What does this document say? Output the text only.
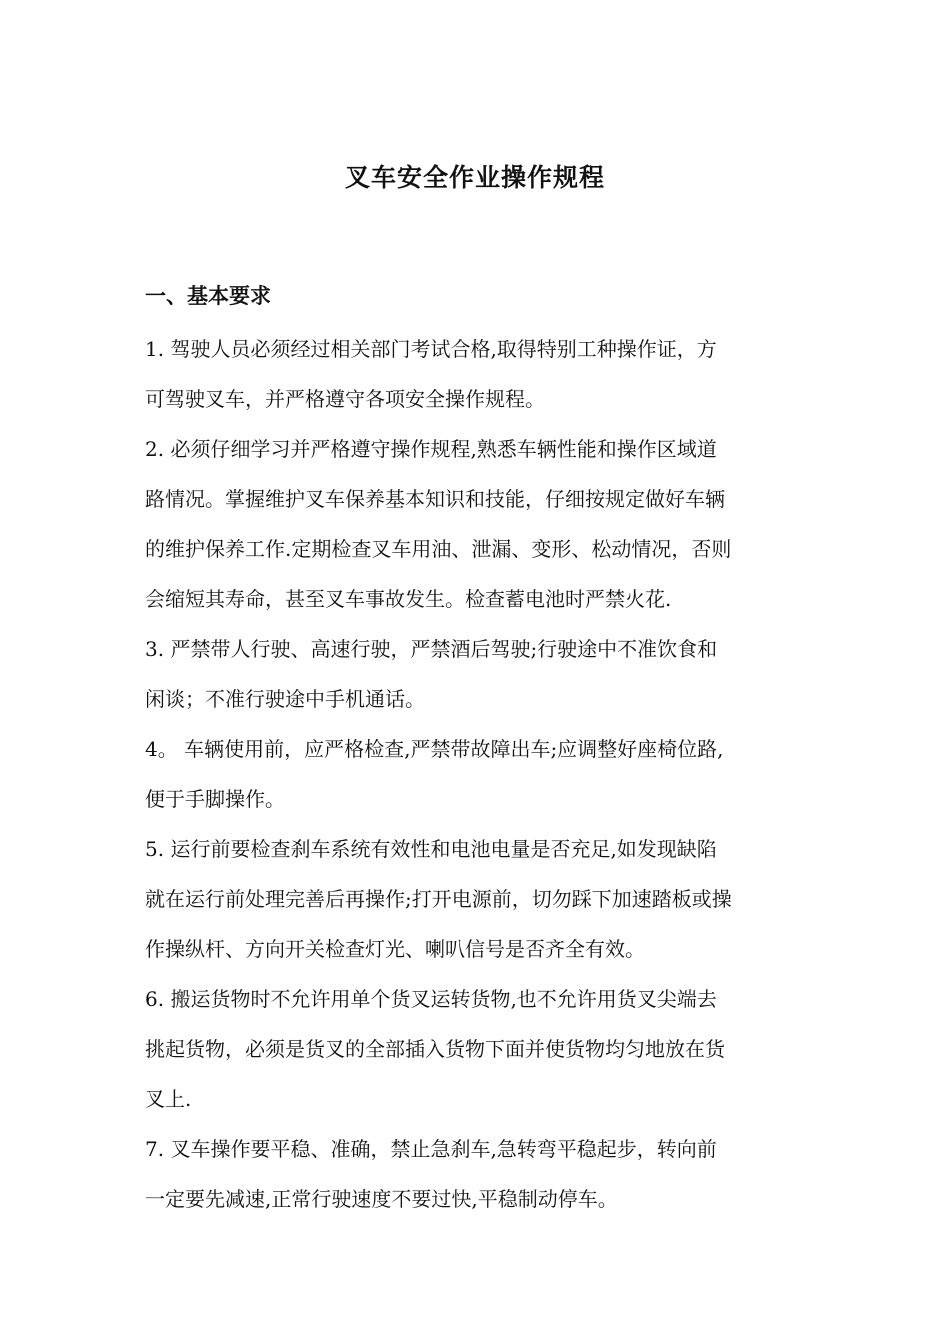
叉车安全作业操作规程
一、基本要求
1. 驾驶人员必须经过相关部门考试合格,取得特别工种操作证，方
可驾驶叉车，并严格遵守各项安全操作规程。
2. 必须仔细学习并严格遵守操作规程,熟悉车辆性能和操作区域道
路情况。掌握维护叉车保养基本知识和技能，仔细按规定做好车辆
的维护保养工作.定期检查叉车用油、泄漏、变形、松动情况，否则
会缩短其寿命，甚至叉车事故发生。检查蓄电池时严禁火花.
3. 严禁带人行驶、高速行驶，严禁酒后驾驶;行驶途中不准饮食和
闲谈；不准行驶途中手机通话。
4。 车辆使用前，应严格检查,严禁带故障出车;应调整好座椅位路,
便于手脚操作。
5. 运行前要检查刹车系统有效性和电池电量是否充足,如发现缺陷
就在运行前处理完善后再操作;打开电源前，切勿踩下加速踏板或操
作操纵杆、方向开关检查灯光、喇叭信号是否齐全有效。
6. 搬运货物时不允许用单个货叉运转货物,也不允许用货叉尖端去
挑起货物，必须是货叉的全部插入货物下面并使货物均匀地放在货
叉上.
7. 叉车操作要平稳、准确，禁止急刹车,急转弯平稳起步，转向前
一定要先减速,正常行驶速度不要过快,平稳制动停车。
